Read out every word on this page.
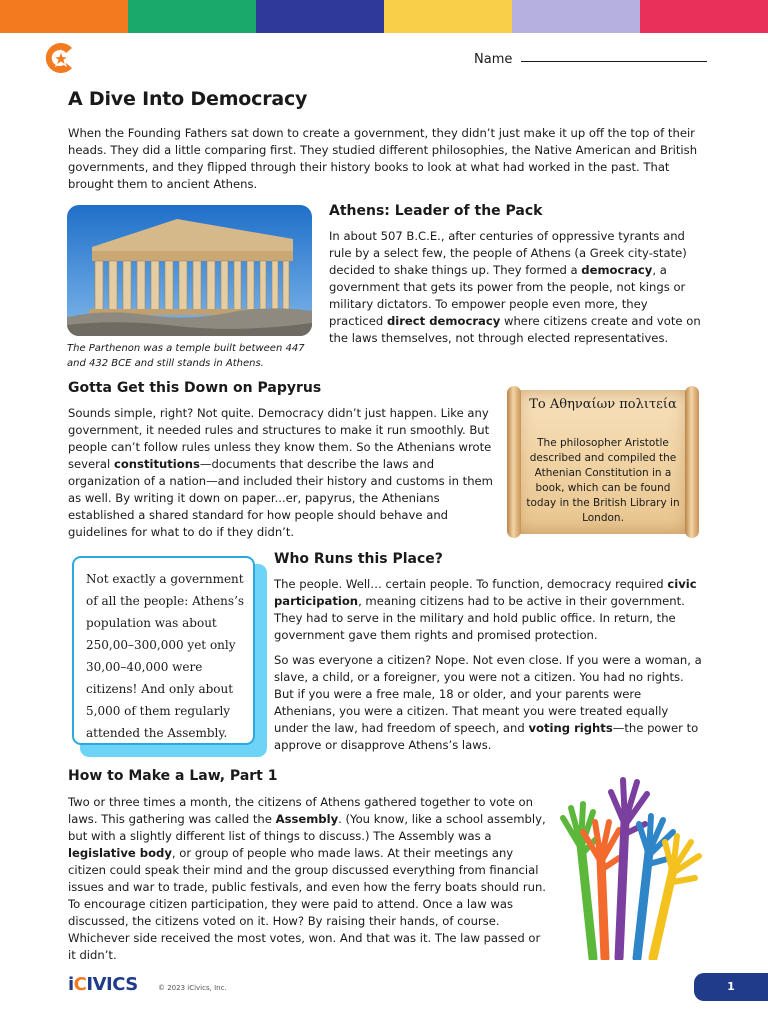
Name
A Dive Into Democracy

When the Founding Fathers sat down to create a government, they didn’t just make it up off the top of their heads. They did a little comparing first. They studied different philosophies, the Native American and British governments, and they flipped through their history books to look at what had worked in the past. That brought them to ancient Athens.

The Parthenon was a temple built between 447 and 432 BCE and still stands in Athens.

Athens: Leader of the Pack

In about 507 B.C.E., after centuries of oppressive tyrants and rule by a select few, the people of Athens (a Greek city-state) decided to shake things up. They formed a democracy, a government that gets its power from the people, not kings or military dictators. To empower people even more, they practiced direct democracy where citizens create and vote on the laws themselves, not through elected representatives.

Gotta Get this Down on Papyrus

Sounds simple, right? Not quite. Democracy didn’t just happen. Like any government, it needed rules and structures to make it run smoothly. But people can’t follow rules unless they know them. So the Athenians wrote several constitutions—documents that describe the laws and organization of a nation—and included their history and customs in them as well. By writing it down on paper...er, papyrus, the Athenians established a shared standard for how people should behave and guidelines for what to do if they didn’t.

Το Αθηναίων πολιτεία

The philosopher Aristotle described and compiled the Athenian Constitution in a book, which can be found today in the British Library in London.

Not exactly a government of all the people: Athens’s population was about 250,00–300,000 yet only 30,00–40,000 were citizens! And only about 5,000 of them regularly attended the Assembly.

Who Runs this Place?

The people. Well… certain people. To function, democracy required civic participation, meaning citizens had to be active in their government. They had to serve in the military and hold public office. In return, the government gave them rights and promised protection.

So was everyone a citizen? Nope. Not even close. If you were a woman, a slave, a child, or a foreigner, you were not a citizen. You had no rights. But if you were a free male, 18 or older, and your parents were Athenians, you were a citizen. That meant you were treated equally under the law, had freedom of speech, and voting rights—the power to approve or disapprove Athens’s laws.

How to Make a Law, Part 1

Two or three times a month, the citizens of Athens gathered together to vote on laws. This gathering was called the Assembly. (You know, like a school assembly, but with a slightly different list of things to discuss.) The Assembly was a legislative body, or group of people who made laws. At their meetings any citizen could speak their mind and the group discussed everything from financial issues and war to trade, public festivals, and even how the ferry boats should run. To encourage citizen participation, they were paid to attend. Once a law was discussed, the citizens voted on it. How? By raising their hands, of course. Whichever side received the most votes, won. And that was it. The law passed or it didn’t.

iCIVICS	© 2023 iCivics, Inc.	1
